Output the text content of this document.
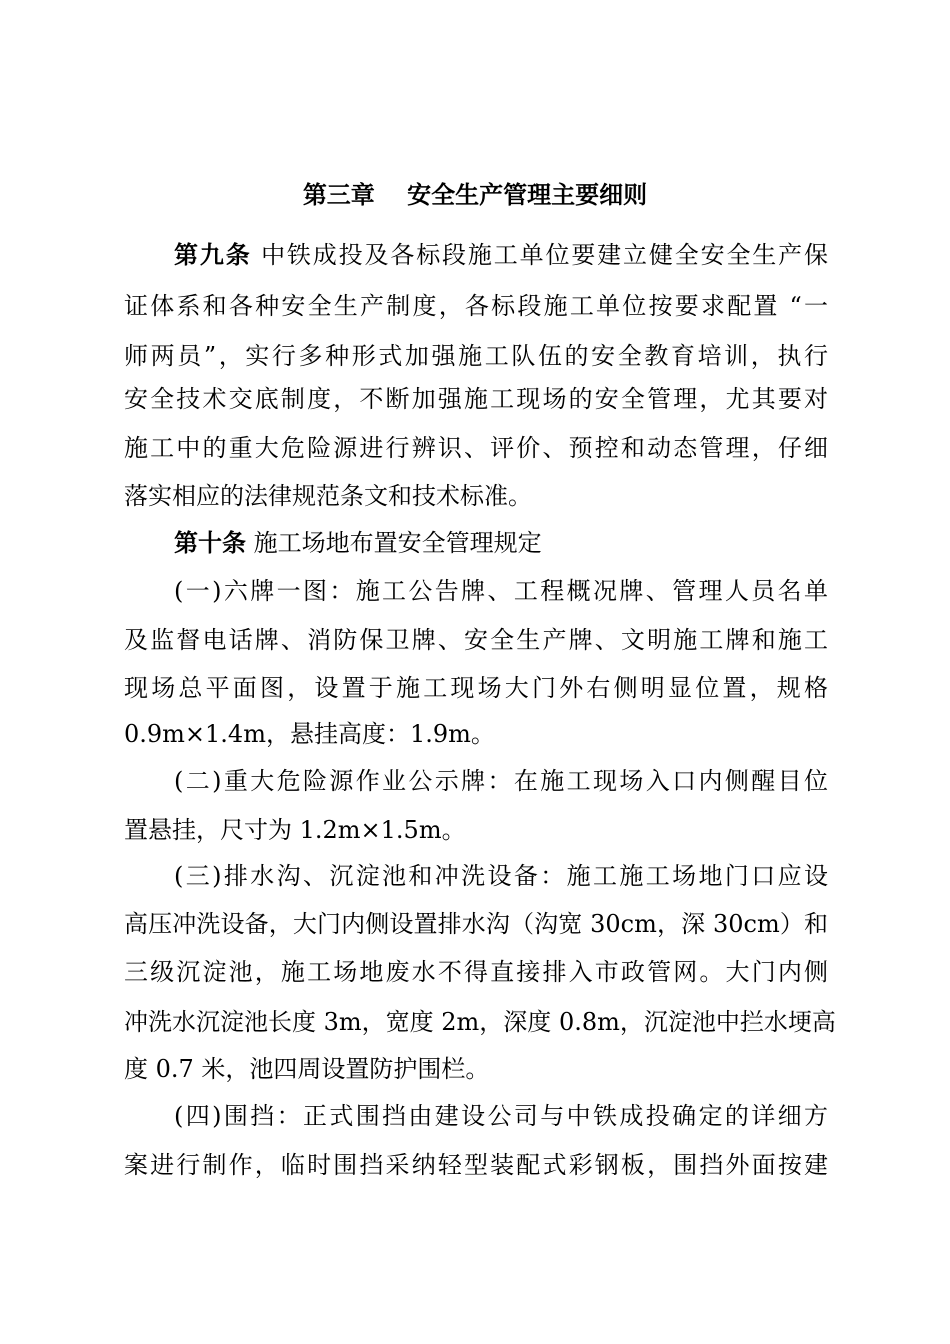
第三章　 安全生产管理主要细则
第九条 中铁成投及各标段施工单位要建立健全安全生产保
证体系和各种安全生产制度，各标段施工单位按要求配置 “一
师两员”，实行多种形式加强施工队伍的安全教育培训，执行
安全技术交底制度，不断加强施工现场的安全管理，尤其要对
施工中的重大危险源进行辨识、评价、预控和动态管理，仔细
落实相应的法律规范条文和技术标准。
第十条 施工场地布置安全管理规定
(一)六牌一图：施工公告牌、工程概况牌、管理人员名单
及监督电话牌、消防保卫牌、安全生产牌、文明施工牌和施工
现场总平面图，设置于施工现场大门外右侧明显位置，规格
0.9m×1.4m，悬挂高度：1.9m。
(二)重大危险源作业公示牌：在施工现场入口内侧醒目位
置悬挂，尺寸为 1.2m×1.5m。
(三)排水沟、沉淀池和冲洗设备：施工施工场地门口应设
高压冲洗设备，大门内侧设置排水沟（沟宽 30cm，深 30cm）和
三级沉淀池，施工场地废水不得直接排入市政管网。大门内侧
冲洗水沉淀池长度 3m，宽度 2m，深度 0.8m，沉淀池中拦水埂高
度 0.7 米，池四周设置防护围栏。
(四)围挡：正式围挡由建设公司与中铁成投确定的详细方
案进行制作，临时围挡采纳轻型装配式彩钢板，围挡外面按建
